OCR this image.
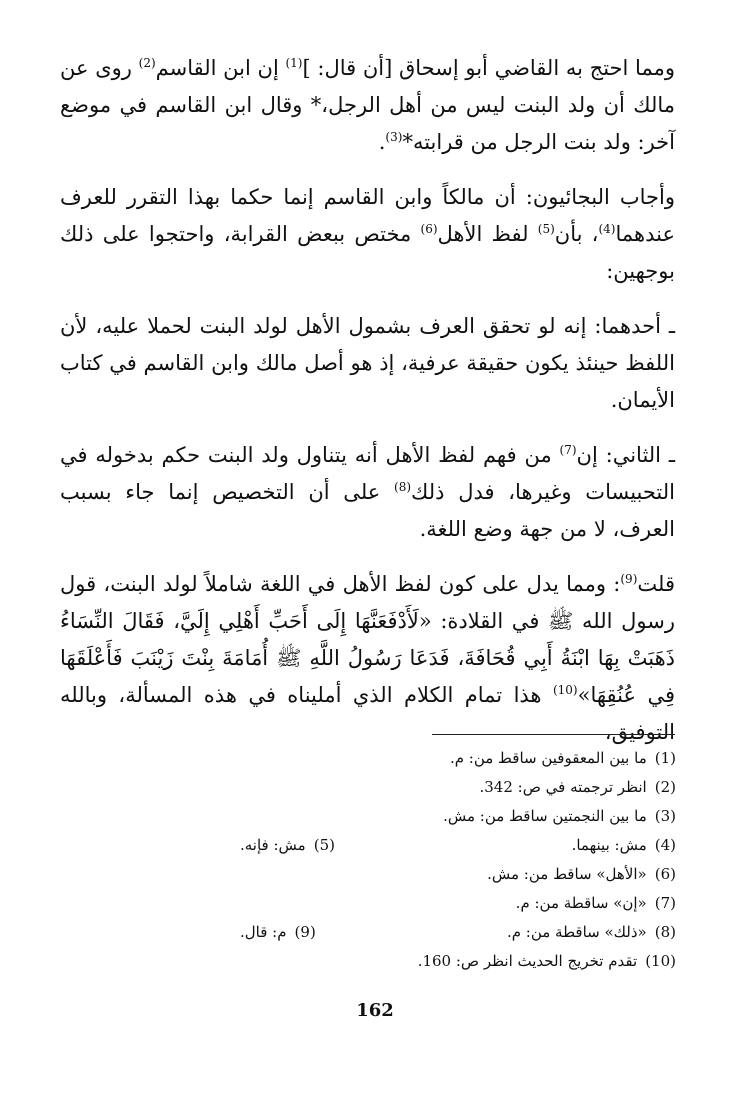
ومما احتج به القاضي أبو إسحاق [أن قال: ]$^{(1)}$ إن ابن القاسم$^{(2)}$ روى عن مالك أن ولد البنت ليس من أهل الرجل،* وقال ابن القاسم في موضع آخر: ولد بنت الرجل من قرابته*$^{(3)}$.

وأجاب البجائيون: أن مالكاً وابن القاسم إنما حكما بهذا التقرر للعرف عندهما$^{(4)}$، بأن$^{(5)}$ لفظ الأهل$^{(6)}$ مختص ببعض القرابة، واحتجوا على ذلك بوجهين:

ـ أحدهما: إنه لو تحقق العرف بشمول الأهل لولد البنت لحملا عليه، لأن اللفظ حينئذ يكون حقيقة عرفية، إذ هو أصل مالك وابن القاسم في كتاب الأيمان.

ـ الثاني: إن$^{(7)}$ من فهم لفظ الأهل أنه يتناول ولد البنت حكم بدخوله في التحبيسات وغيرها، فدل ذلك$^{(8)}$ على أن التخصيص إنما جاء بسبب العرف، لا من جهة وضع اللغة.

قلت$^{(9)}$: ومما يدل على كون لفظ الأهل في اللغة شاملاً لولد البنت، قول رسول الله ﷺ في القلادة: «لَأَدْفَعَنَّهَا إِلَى أَحَبِّ أَهْلِي إِلَيَّ، فَقَالَ النِّسَاءُ ذَهَبَتْ بِهَا ابْنَةُ أَبِي قُحَافَةَ، فَدَعَا رَسُولُ اللَّهِ ﷺ أُمَامَةَ بِنْتَ زَيْنَبَ فَأَعْلَقَهَا فِي عُنُقِهَا»$^{(10)}$ هذا تمام الكلام الذي أمليناه في هذه المسألة، وبالله التوفيق،

(1)ما بين المعقوفين ساقط من: م.
(2)انظر ترجمته في ص: 342.
(3)ما بين النجمتين ساقط من: مش.
(4)مش: بينهما.
(5)مش: فإنه.
(6)«الأهل» ساقط من: مش.
(7)«إن» ساقطة من: م.
(8)«ذلك» ساقطة من: م.
(9)م: قال.
(10)تقدم تخريج الحديث انظر ص: 160.
162
